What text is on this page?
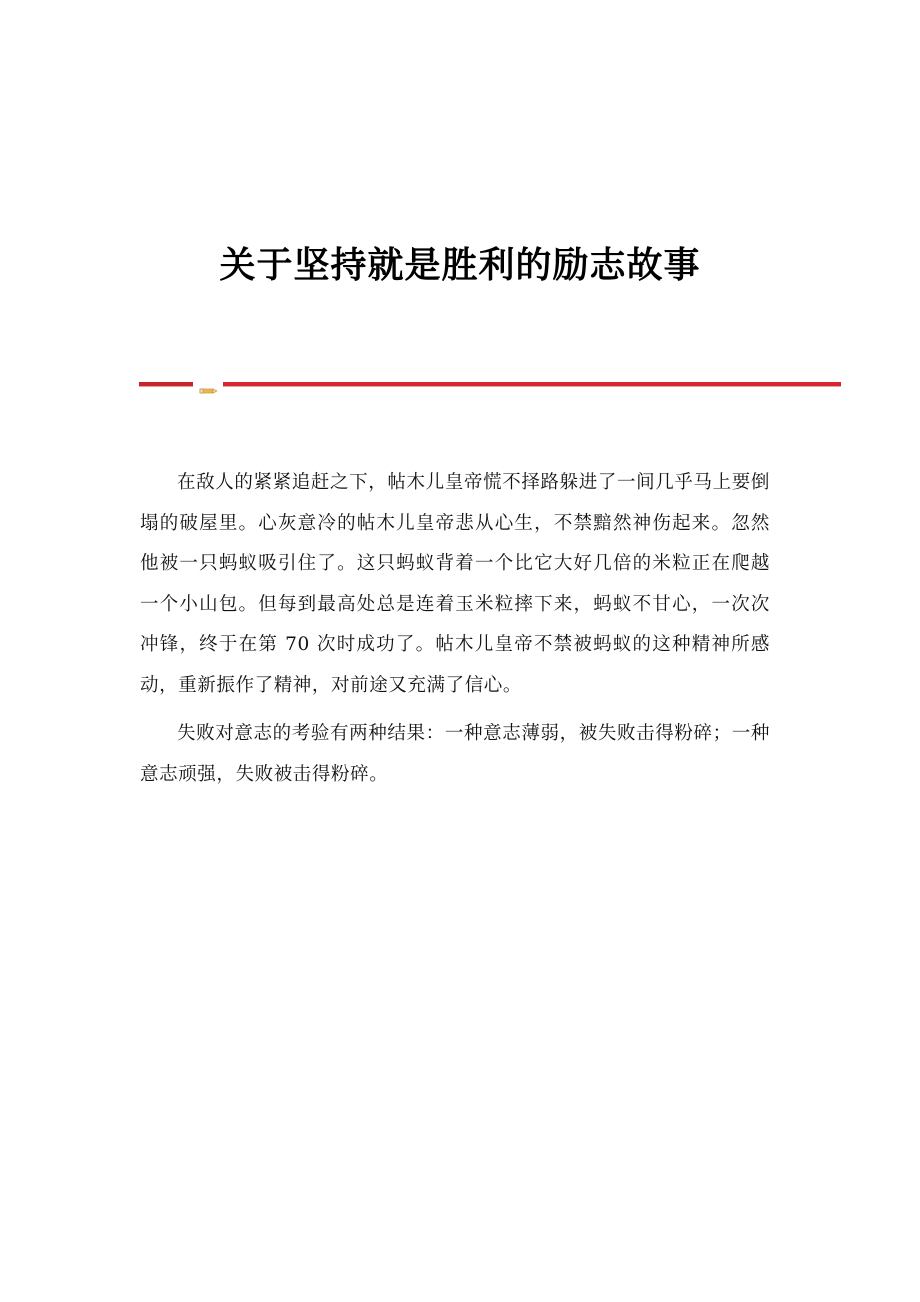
关于坚持就是胜利的励志故事

在敌人的紧紧追赶之下，帖木儿皇帝慌不择路躲进了一间几乎马上要倒塌的破屋里。心灰意冷的帖木儿皇帝悲从心生，不禁黯然神伤起来。忽然他被一只蚂蚁吸引住了。这只蚂蚁背着一个比它大好几倍的米粒正在爬越一个小山包。但每到最高处总是连着玉米粒摔下来，蚂蚁不甘心，一次次冲锋，终于在第 70 次时成功了。帖木儿皇帝不禁被蚂蚁的这种精神所感动，重新振作了精神，对前途又充满了信心。

失败对意志的考验有两种结果：一种意志薄弱，被失败击得粉碎；一种意志顽强，失败被击得粉碎。
